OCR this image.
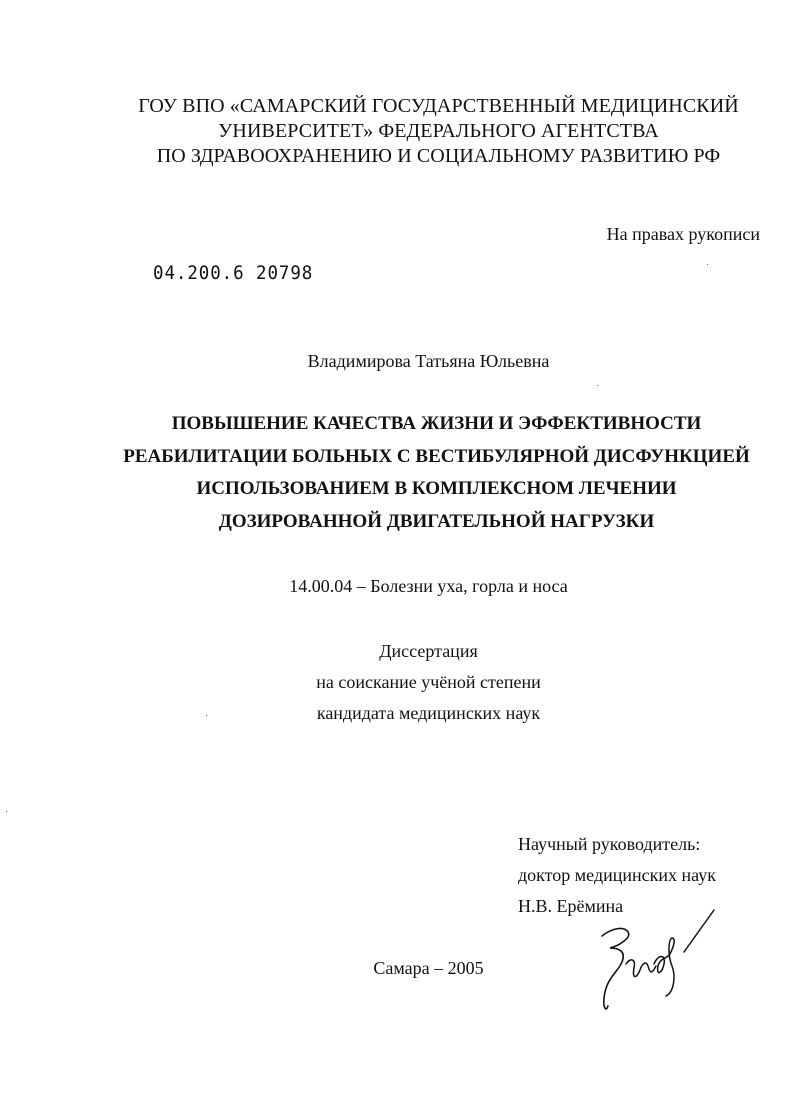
ГОУ ВПО «САМАРСКИЙ ГОСУДАРСТВЕННЫЙ МЕДИЦИНСКИЙ
УНИВЕРСИТЕТ» ФЕДЕРАЛЬНОГО АГЕНТСТВА
ПО ЗДРАВООХРАНЕНИЮ И СОЦИАЛЬНОМУ РАЗВИТИЮ РФ
На правах рукописи
04.200.6 20798
Владимирова Татьяна Юльевна
ПОВЫШЕНИЕ КАЧЕСТВА ЖИЗНИ И ЭФФЕКТИВНОСТИ
РЕАБИЛИТАЦИИ БОЛЬНЫХ С ВЕСТИБУЛЯРНОЙ ДИСФУНКЦИЕЙ
ИСПОЛЬЗОВАНИЕМ В КОМПЛЕКСНОМ ЛЕЧЕНИИ
ДОЗИРОВАННОЙ ДВИГАТЕЛЬНОЙ НАГРУЗКИ
14.00.04 – Болезни уха, горла и носа
Диссертация
на соискание учёной степени
кандидата медицинских наук
Научный руководитель:
доктор медицинских наук
Н.В. Ерёмина
Самара – 2005
